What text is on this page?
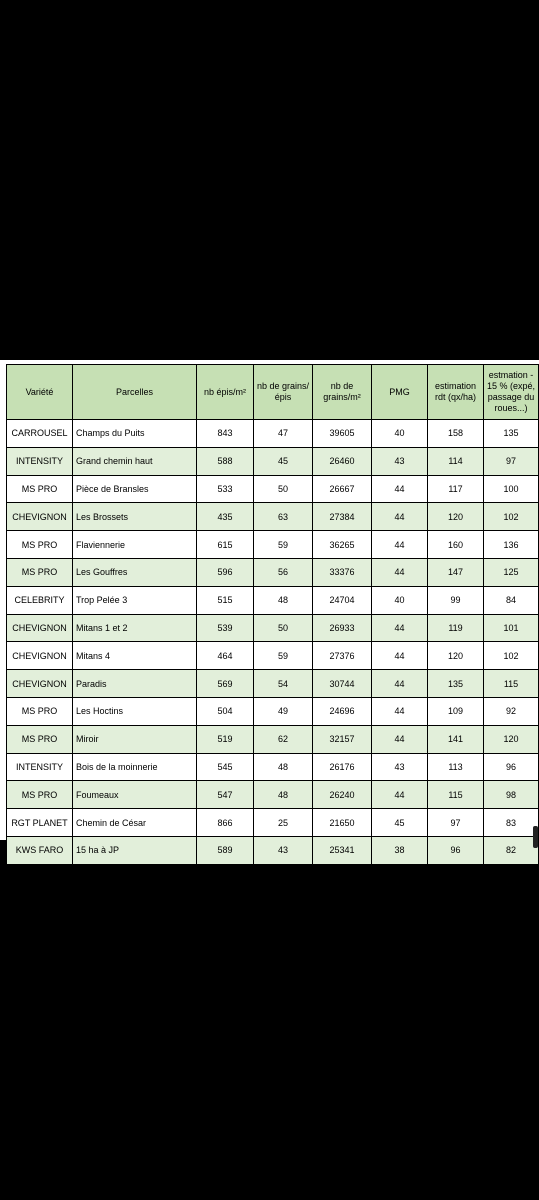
Variété	Parcelles	nb épis/m²	nb de grains/épis	nb de grains/m²	PMG	estimation rdt (qx/ha)	estmation - 15 % (expé, passage du roues...)
CARROUSEL	Champs du Puits	843	47	39605	40	158	135
INTENSITY	Grand chemin haut	588	45	26460	43	114	97
MS PRO	Pièce de Bransles	533	50	26667	44	117	100
CHEVIGNON	Les Brossets	435	63	27384	44	120	102
MS PRO	Flaviennerie	615	59	36265	44	160	136
MS PRO	Les Gouffres	596	56	33376	44	147	125
CELEBRITY	Trop Pelée 3	515	48	24704	40	99	84
CHEVIGNON	Mitans 1 et 2	539	50	26933	44	119	101
CHEVIGNON	Mitans 4	464	59	27376	44	120	102
CHEVIGNON	Paradis	569	54	30744	44	135	115
MS PRO	Les Hoctins	504	49	24696	44	109	92
MS PRO	Miroir	519	62	32157	44	141	120
INTENSITY	Bois de la moinnerie	545	48	26176	43	113	96
MS PRO	Foumeaux	547	48	26240	44	115	98
RGT PLANET	Chemin de César	866	25	21650	45	97	83
KWS FARO	15 ha à JP	589	43	25341	38	96	82
